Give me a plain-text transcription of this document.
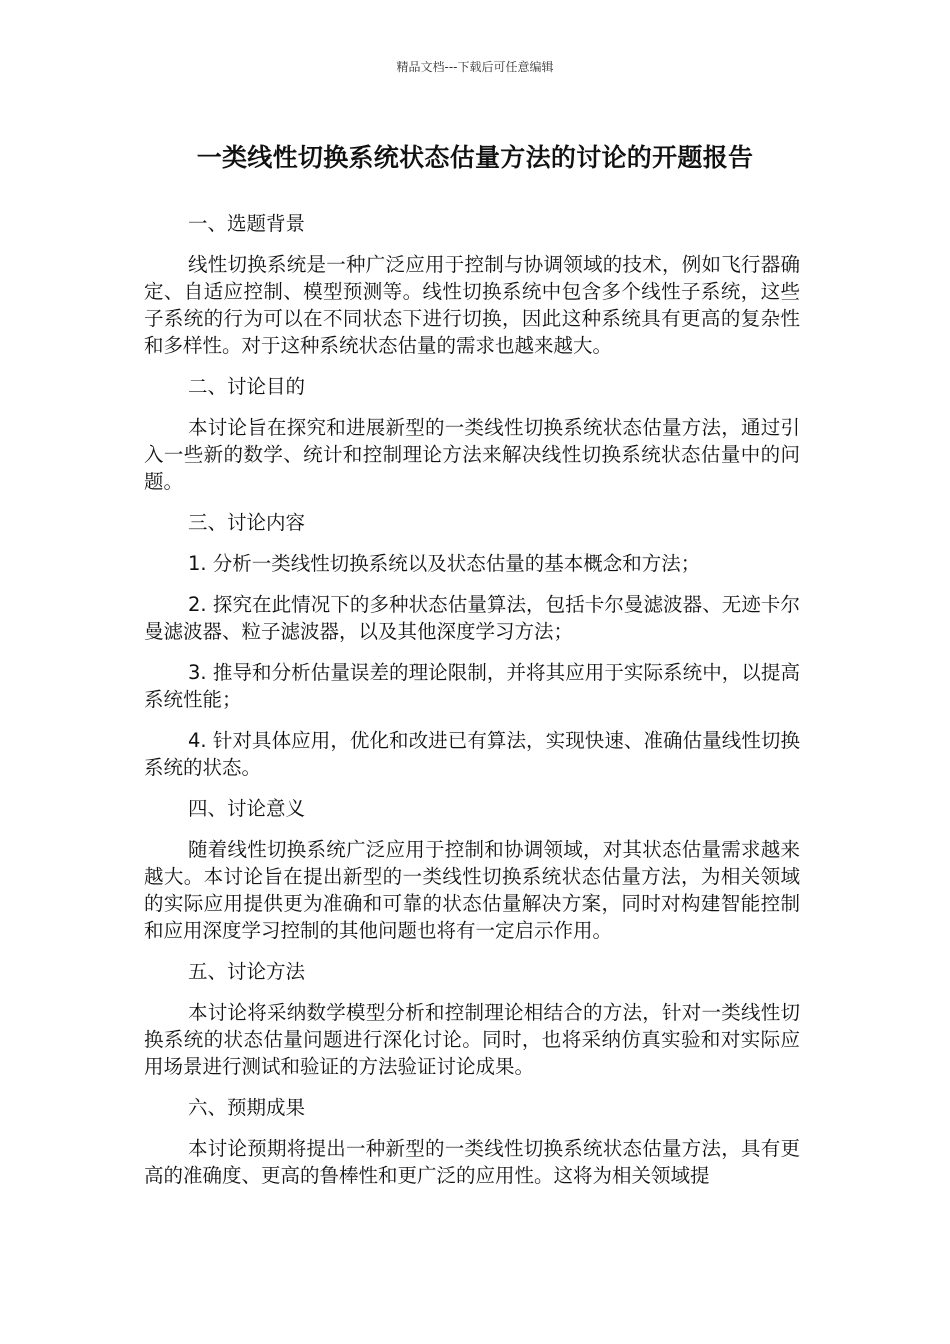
精品文档---下载后可任意编辑
一类线性切换系统状态估量方法的讨论的开题报告

一、选题背景

线性切换系统是一种广泛应用于控制与协调领域的技术，例如飞行器确定、自适应控制、模型预测等。线性切换系统中包含多个线性子系统，这些子系统的行为可以在不同状态下进行切换，因此这种系统具有更高的复杂性和多样性。对于这种系统状态估量的需求也越来越大。

二、讨论目的

本讨论旨在探究和进展新型的一类线性切换系统状态估量方法，通过引入一些新的数学、统计和控制理论方法来解决线性切换系统状态估量中的问题。

三、讨论内容

1. 分析一类线性切换系统以及状态估量的基本概念和方法；

2. 探究在此情况下的多种状态估量算法，包括卡尔曼滤波器、无迹卡尔曼滤波器、粒子滤波器，以及其他深度学习方法；

3. 推导和分析估量误差的理论限制，并将其应用于实际系统中，以提高系统性能；

4. 针对具体应用，优化和改进已有算法，实现快速、准确估量线性切换系统的状态。

四、讨论意义

随着线性切换系统广泛应用于控制和协调领域，对其状态估量需求越来越大。本讨论旨在提出新型的一类线性切换系统状态估量方法，为相关领域的实际应用提供更为准确和可靠的状态估量解决方案，同时对构建智能控制和应用深度学习控制的其他问题也将有一定启示作用。

五、讨论方法

本讨论将采纳数学模型分析和控制理论相结合的方法，针对一类线性切换系统的状态估量问题进行深化讨论。同时，也将采纳仿真实验和对实际应用场景进行测试和验证的方法验证讨论成果。

六、预期成果

本讨论预期将提出一种新型的一类线性切换系统状态估量方法，具有更高的准确度、更高的鲁棒性和更广泛的应用性。这将为相关领域提
